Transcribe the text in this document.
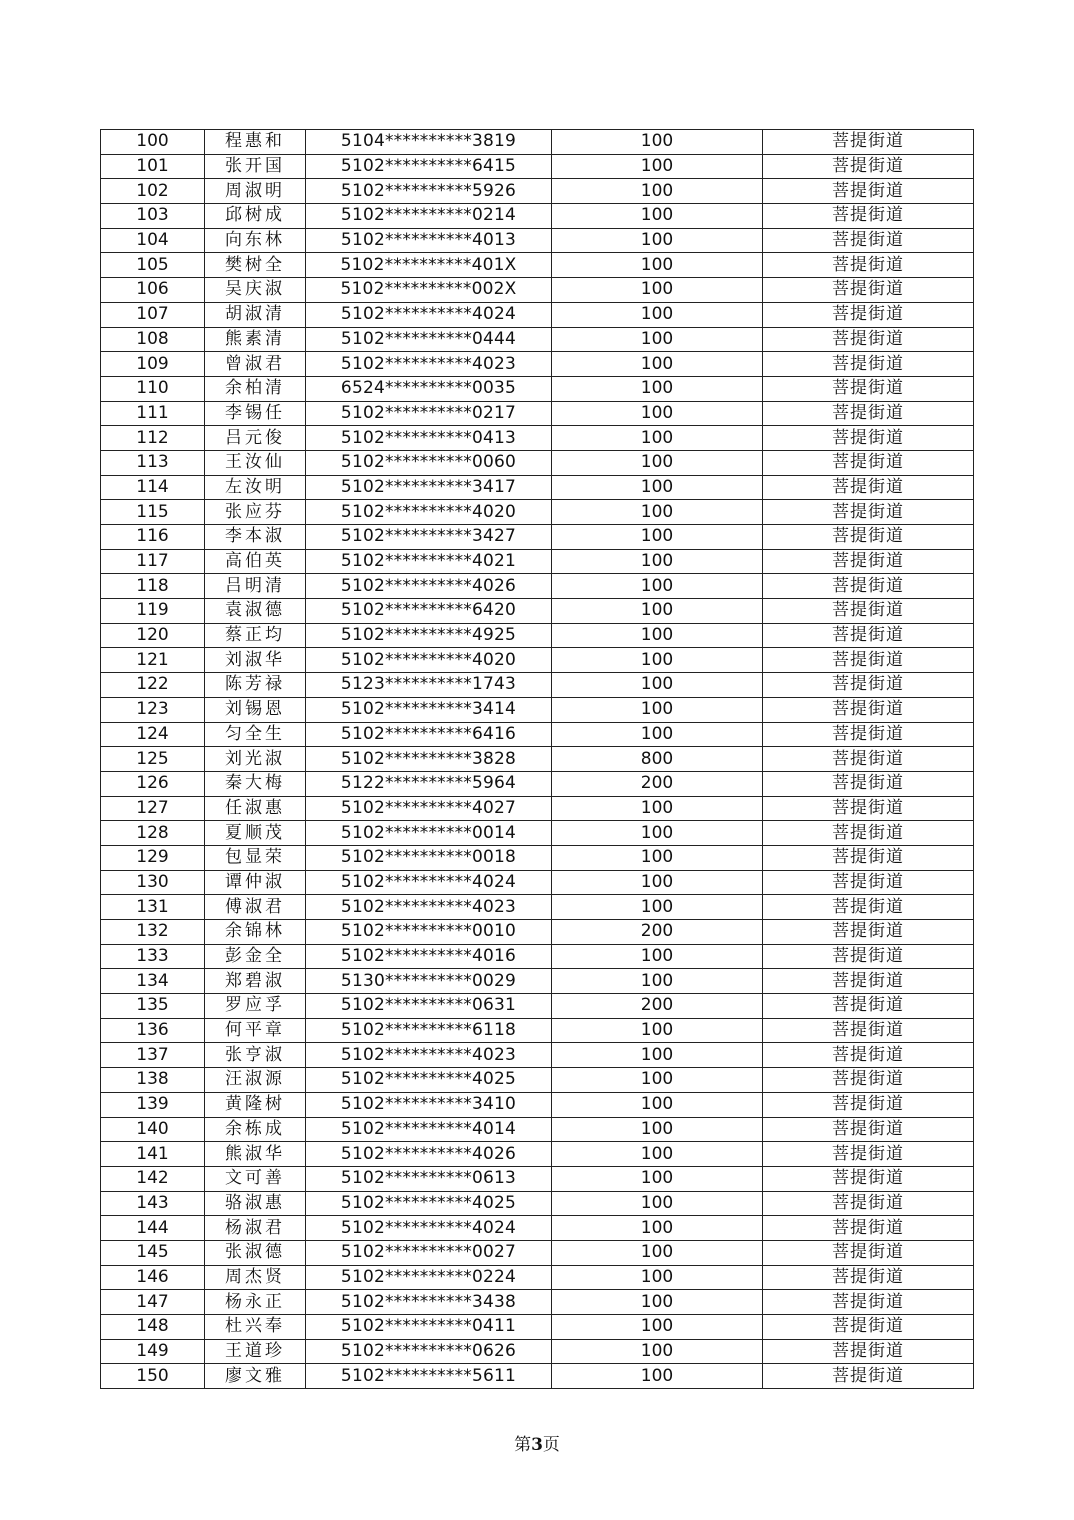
100	程惠和	5104**********3819	100	菩提街道
101	张开国	5102**********6415	100	菩提街道
102	周淑明	5102**********5926	100	菩提街道
103	邱树成	5102**********0214	100	菩提街道
104	向东林	5102**********4013	100	菩提街道
105	樊树全	5102**********401X	100	菩提街道
106	吴庆淑	5102**********002X	100	菩提街道
107	胡淑清	5102**********4024	100	菩提街道
108	熊素清	5102**********0444	100	菩提街道
109	曾淑君	5102**********4023	100	菩提街道
110	余柏清	6524**********0035	100	菩提街道
111	李锡任	5102**********0217	100	菩提街道
112	吕元俊	5102**********0413	100	菩提街道
113	王汝仙	5102**********0060	100	菩提街道
114	左汝明	5102**********3417	100	菩提街道
115	张应芬	5102**********4020	100	菩提街道
116	李本淑	5102**********3427	100	菩提街道
117	高伯英	5102**********4021	100	菩提街道
118	吕明清	5102**********4026	100	菩提街道
119	袁淑德	5102**********6420	100	菩提街道
120	蔡正均	5102**********4925	100	菩提街道
121	刘淑华	5102**********4020	100	菩提街道
122	陈芳禄	5123**********1743	100	菩提街道
123	刘锡恩	5102**********3414	100	菩提街道
124	匀全生	5102**********6416	100	菩提街道
125	刘光淑	5102**********3828	800	菩提街道
126	秦大梅	5122**********5964	200	菩提街道
127	任淑惠	5102**********4027	100	菩提街道
128	夏顺茂	5102**********0014	100	菩提街道
129	包显荣	5102**********0018	100	菩提街道
130	谭仲淑	5102**********4024	100	菩提街道
131	傅淑君	5102**********4023	100	菩提街道
132	余锦林	5102**********0010	200	菩提街道
133	彭金全	5102**********4016	100	菩提街道
134	郑碧淑	5130**********0029	100	菩提街道
135	罗应孚	5102**********0631	200	菩提街道
136	何平章	5102**********6118	100	菩提街道
137	张亨淑	5102**********4023	100	菩提街道
138	汪淑源	5102**********4025	100	菩提街道
139	黄隆树	5102**********3410	100	菩提街道
140	余栋成	5102**********4014	100	菩提街道
141	熊淑华	5102**********4026	100	菩提街道
142	文可善	5102**********0613	100	菩提街道
143	骆淑惠	5102**********4025	100	菩提街道
144	杨淑君	5102**********4024	100	菩提街道
145	张淑德	5102**********0027	100	菩提街道
146	周杰贤	5102**********0224	100	菩提街道
147	杨永正	5102**********3438	100	菩提街道
148	杜兴奉	5102**********0411	100	菩提街道
149	王道珍	5102**********0626	100	菩提街道
150	廖文雅	5102**********5611	100	菩提街道
第3页
